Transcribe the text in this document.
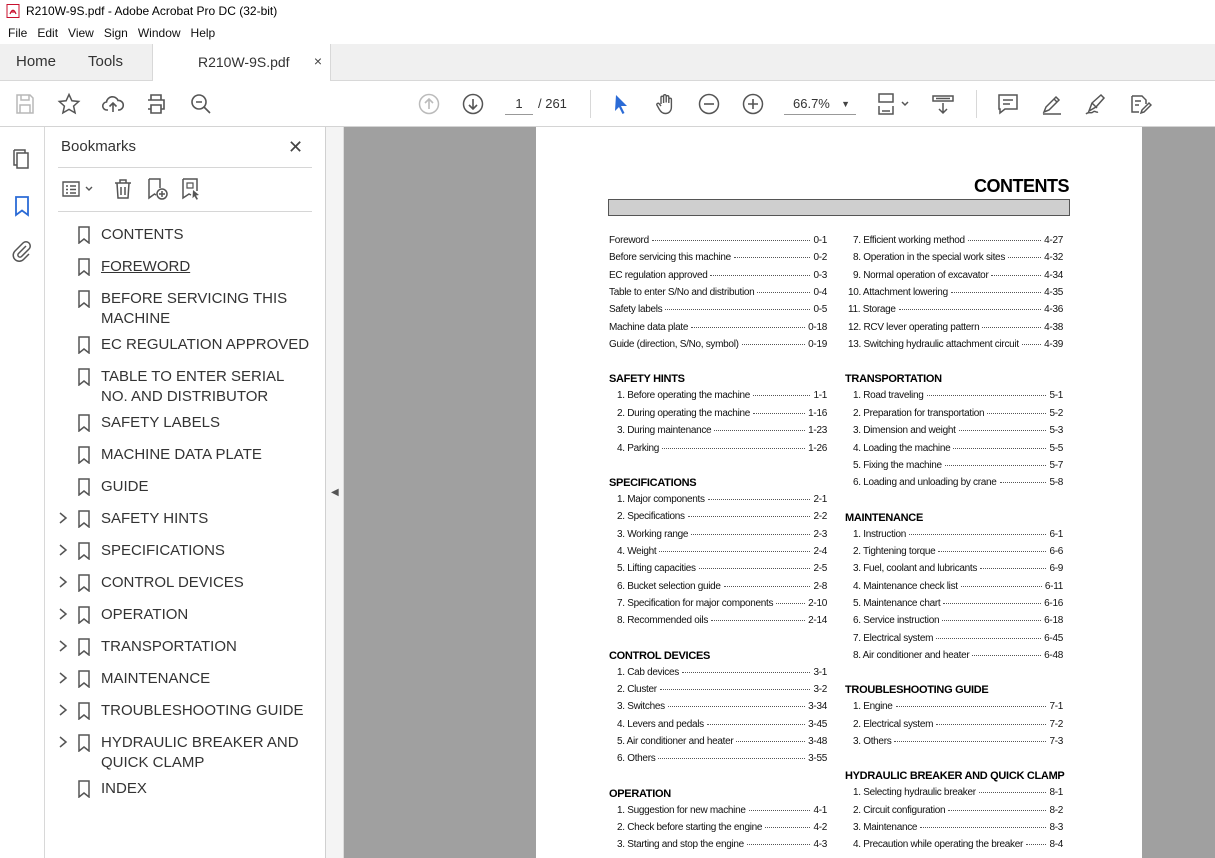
R210W-9S.pdf - Adobe Acrobat Pro DC (32-bit)
File Edit View Sign Window Help
Home Tools	R210W-9S.pdf ×
1	/ 261	66.7% ▼
Bookmarks	✕
CONTENTS
FOREWORD
BEFORE SERVICING THIS MACHINE
EC REGULATION APPROVED
TABLE TO ENTER SERIAL NO. AND DISTRIBUTOR
SAFETY LABELS
MACHINE DATA PLATE
GUIDE
SAFETY HINTS
SPECIFICATIONS
CONTROL DEVICES
OPERATION
TRANSPORTATION
MAINTENANCE
TROUBLESHOOTING GUIDE
HYDRAULIC BREAKER AND QUICK CLAMP
INDEX
◀
CONTENTS
Foreword	0-1
Before servicing this machine	0-2
EC regulation approved	0-3
Table to enter S/No and distribution	0-4
Safety labels	0-5
Machine data plate	0-18
Guide (direction, S/No, symbol)	0-19
SAFETY HINTS
1. Before operating the machine	1-1
2. During operating the machine	1-16
3. During maintenance	1-23
4. Parking	1-26
SPECIFICATIONS
1. Major components	2-1
2. Specifications	2-2
3. Working range	2-3
4. Weight	2-4
5. Lifting capacities	2-5
6. Bucket selection guide	2-8
7. Specification for major components	2-10
8. Recommended oils	2-14
CONTROL DEVICES
1. Cab devices	3-1
2. Cluster	3-2
3. Switches	3-34
4. Levers and pedals	3-45
5. Air conditioner and heater	3-48
6. Others	3-55
OPERATION
1. Suggestion for new machine	4-1
2. Check before starting the engine	4-2
3. Starting and stop the engine	4-3
7. Efficient working method	4-27
8. Operation in the special work sites	4-32
9. Normal operation of excavator	4-34
10. Attachment lowering	4-35
11. Storage	4-36
12. RCV lever operating pattern	4-38
13. Switching hydraulic attachment circuit	4-39
TRANSPORTATION
1. Road traveling	5-1
2. Preparation for transportation	5-2
3. Dimension and weight	5-3
4. Loading the machine	5-5
5. Fixing the machine	5-7
6. Loading and unloading by crane	5-8
MAINTENANCE
1. Instruction	6-1
2. Tightening torque	6-6
3. Fuel, coolant and lubricants	6-9
4. Maintenance check list	6-11
5. Maintenance chart	6-16
6. Service instruction	6-18
7. Electrical system	6-45
8. Air conditioner and heater	6-48
TROUBLESHOOTING GUIDE
1. Engine	7-1
2. Electrical system	7-2
3. Others	7-3
HYDRAULIC BREAKER AND QUICK CLAMP
1. Selecting hydraulic breaker	8-1
2. Circuit configuration	8-2
3. Maintenance	8-3
4. Precaution while operating the breaker	8-4
